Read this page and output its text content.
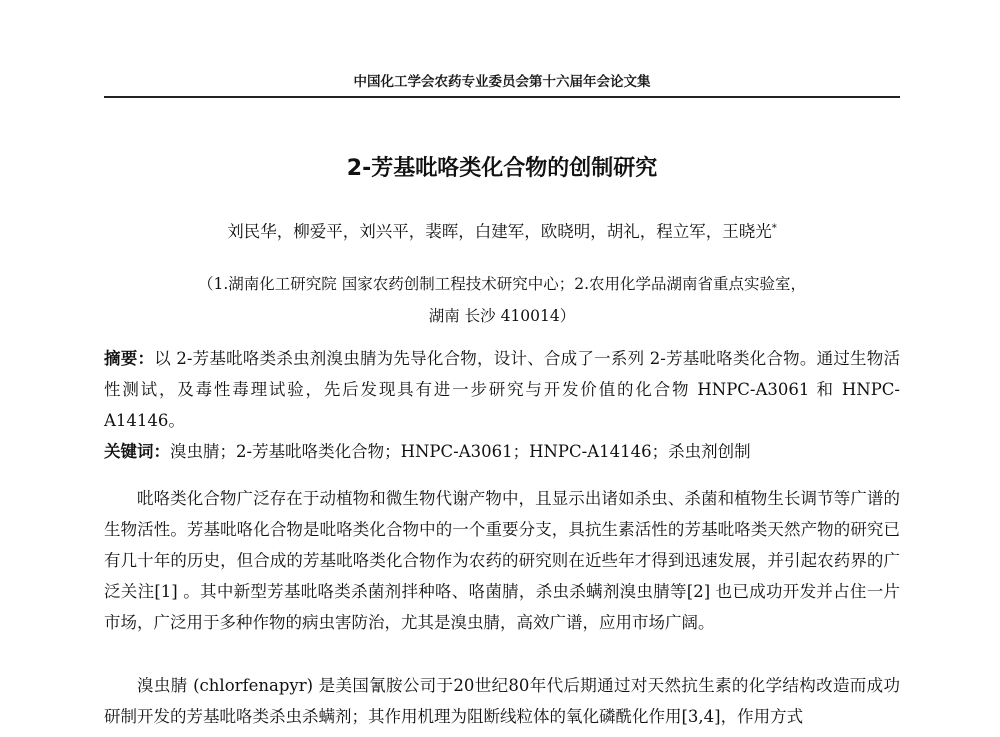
中国化工学会农药专业委员会第十六届年会论文集
2-芳基吡咯类化合物的创制研究
刘民华，柳爱平，刘兴平，裴晖，白建军，欧晓明，胡礼，程立军，王晓光*
（1.湖南化工研究院 国家农药创制工程技术研究中心；2.农用化学品湖南省重点实验室，
湖南 长沙 410014）

摘要：以 2-芳基吡咯类杀虫剂溴虫腈为先导化合物，设计、合成了一系列 2-芳基吡咯类化合物。通过生物活性测试，及毒性毒理试验，先后发现具有进一步研究与开发价值的化合物 HNPC-A3061 和 HNPC-A14146。

关键词：溴虫腈；2-芳基吡咯类化合物；HNPC-A3061；HNPC-A14146；杀虫剂创制

吡咯类化合物广泛存在于动植物和微生物代谢产物中，且显示出诸如杀虫、杀菌和植物生长调节等广谱的生物活性。芳基吡咯化合物是吡咯类化合物中的一个重要分支，具抗生素活性的芳基吡咯类天然产物的研究已有几十年的历史，但合成的芳基吡咯类化合物作为农药的研究则在近些年才得到迅速发展，并引起农药界的广泛关注[1] 。其中新型芳基吡咯类杀菌剂拌种咯、咯菌腈，杀虫杀螨剂溴虫腈等[2] 也已成功开发并占住一片市场，广泛用于多种作物的病虫害防治，尤其是溴虫腈，高效广谱，应用市场广阔。

溴虫腈 (chlorfenapyr) 是美国氰胺公司于20世纪80年代后期通过对天然抗生素的化学结构改造而成功研制开发的芳基吡咯类杀虫杀螨剂；其作用机理为阻断线粒体的氧化磷酰化作用[3,4]，作用方式
